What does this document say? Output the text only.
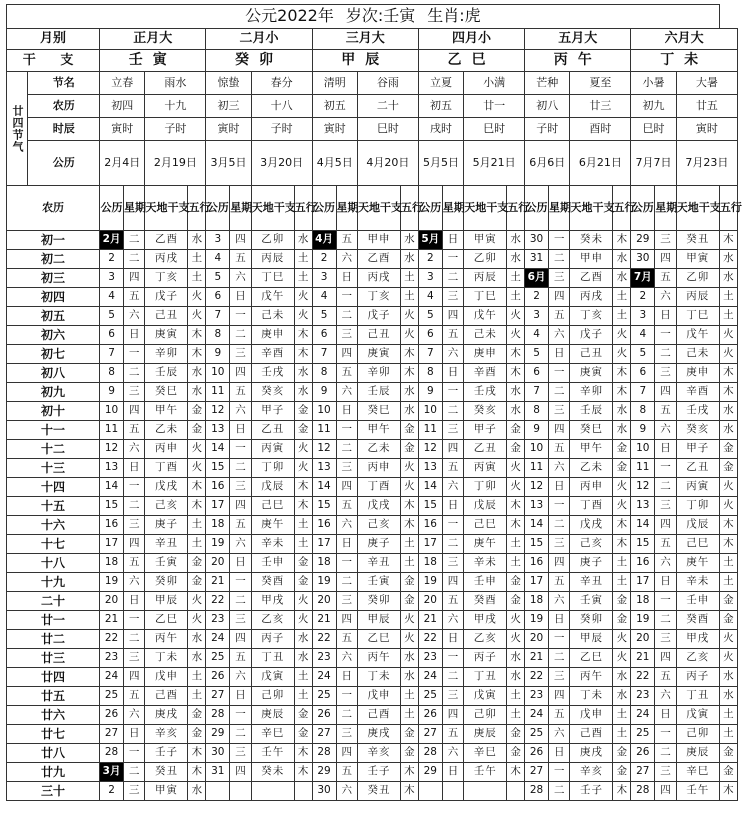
公元2022年 岁次:壬寅 生肖:虎																									
月别		正月大				二月小				三月大				四月小				五月大				六月大			
干 支		壬寅				癸卯				甲辰				乙巳				丙午				丁未			
廿四节气	节名	立春		雨水		惊蛰		春分		清明		谷雨		立夏		小满		芒种		夏至		小暑		大暑	
	农历	初四		十九		初三		十八		初五		二十		初五		廿一		初八		廿三		初九		廿五	
	时辰	寅时		子时		寅时		子时		寅时		巳时		戌时		巳时		子时		酉时		巳时		寅时	
	公历	2月4日		2月19日		3月5日		3月20日		4月5日		4月20日		5月5日		5月21日		6月6日		6月21日		7月7日		7月23日	
农历		公历	星期	天地干支	五行	公历	星期	天地干支	五行	公历	星期	天地干支	五行	公历	星期	天地干支	五行	公历	星期	天地干支	五行	公历	星期	天地干支	五行
初一		2月	二	乙酉	水	3	四	乙卯	水	4月	五	甲申	水	5月	日	甲寅	水	30	一	癸未	木	29	三	癸丑	木
初二		2	二	丙戌	土	4	五	丙辰	土	2	六	乙酉	水	2	一	乙卯	水	31	二	甲申	水	30	四	甲寅	水
初三		3	四	丁亥	土	5	六	丁巳	土	3	日	丙戌	土	3	二	丙辰	土	6月	三	乙酉	水	7月	五	乙卯	水
初四		4	五	戊子	火	6	日	戊午	火	4	一	丁亥	土	4	三	丁巳	土	2	四	丙戌	土	2	六	丙辰	土
初五		5	六	己丑	火	7	一	己未	火	5	二	戊子	火	5	四	戊午	火	3	五	丁亥	土	3	日	丁巳	土
初六		6	日	庚寅	木	8	二	庚申	木	6	三	己丑	火	6	五	己未	火	4	六	戊子	火	4	一	戊午	火
初七		7	一	辛卯	木	9	三	辛酉	木	7	四	庚寅	木	7	六	庚申	木	5	日	己丑	火	5	二	己未	火
初八		8	二	壬辰	水	10	四	壬戌	水	8	五	辛卯	木	8	日	辛酉	木	6	一	庚寅	木	6	三	庚申	木
初九		9	三	癸巳	水	11	五	癸亥	水	9	六	壬辰	水	9	一	壬戌	水	7	二	辛卯	木	7	四	辛酉	木
初十		10	四	甲午	金	12	六	甲子	金	10	日	癸巳	水	10	二	癸亥	水	8	三	壬辰	水	8	五	壬戌	水
十一		11	五	乙未	金	13	日	乙丑	金	11	一	甲午	金	11	三	甲子	金	9	四	癸巳	水	9	六	癸亥	水
十二		12	六	丙申	火	14	一	丙寅	火	12	二	乙未	金	12	四	乙丑	金	10	五	甲午	金	10	日	甲子	金
十三		13	日	丁酉	火	15	二	丁卯	火	13	三	丙申	火	13	五	丙寅	火	11	六	乙未	金	11	一	乙丑	金
十四		14	一	戊戌	木	16	三	戊辰	木	14	四	丁酉	火	14	六	丁卯	火	12	日	丙申	火	12	二	丙寅	火
十五		15	二	己亥	木	17	四	己巳	木	15	五	戊戌	木	15	日	戊辰	木	13	一	丁酉	火	13	三	丁卯	火
十六		16	三	庚子	土	18	五	庚午	土	16	六	己亥	木	16	一	己巳	木	14	二	戊戌	木	14	四	戊辰	木
十七		17	四	辛丑	土	19	六	辛未	土	17	日	庚子	土	17	二	庚午	土	15	三	己亥	木	15	五	己巳	木
十八		18	五	壬寅	金	20	日	壬申	金	18	一	辛丑	土	18	三	辛未	土	16	四	庚子	土	16	六	庚午	土
十九		19	六	癸卯	金	21	一	癸酉	金	19	二	壬寅	金	19	四	壬申	金	17	五	辛丑	土	17	日	辛未	土
二十		20	日	甲辰	火	22	二	甲戌	火	20	三	癸卯	金	20	五	癸酉	金	18	六	壬寅	金	18	一	壬申	金
廿一		21	一	乙巳	火	23	三	乙亥	火	21	四	甲辰	火	21	六	甲戌	火	19	日	癸卯	金	19	二	癸酉	金
廿二		22	二	丙午	水	24	四	丙子	水	22	五	乙巳	火	22	日	乙亥	火	20	一	甲辰	火	20	三	甲戌	火
廿三		23	三	丁未	水	25	五	丁丑	水	23	六	丙午	水	23	一	丙子	水	21	二	乙巳	火	21	四	乙亥	火
廿四		24	四	戊申	土	26	六	戊寅	土	24	日	丁未	水	24	二	丁丑	水	22	三	丙午	水	22	五	丙子	水
廿五		25	五	己酉	土	27	日	己卯	土	25	一	戊申	土	25	三	戊寅	土	23	四	丁未	水	23	六	丁丑	水
廿六		26	六	庚戌	金	28	一	庚辰	金	26	二	己酉	土	26	四	己卯	土	24	五	戊申	土	24	日	戊寅	土
廿七		27	日	辛亥	金	29	二	辛巳	金	27	三	庚戌	金	27	五	庚辰	金	25	六	己酉	土	25	一	己卯	土
廿八		28	一	壬子	木	30	三	壬午	木	28	四	辛亥	金	28	六	辛巳	金	26	日	庚戌	金	26	二	庚辰	金
廿九		3月	二	癸丑	木	31	四	癸未	木	29	五	壬子	木	29	日	壬午	木	27	一	辛亥	金	27	三	辛巳	金
三十		2	三	甲寅	水					30	六	癸丑	木					28	二	壬子	木	28	四	壬午	木
